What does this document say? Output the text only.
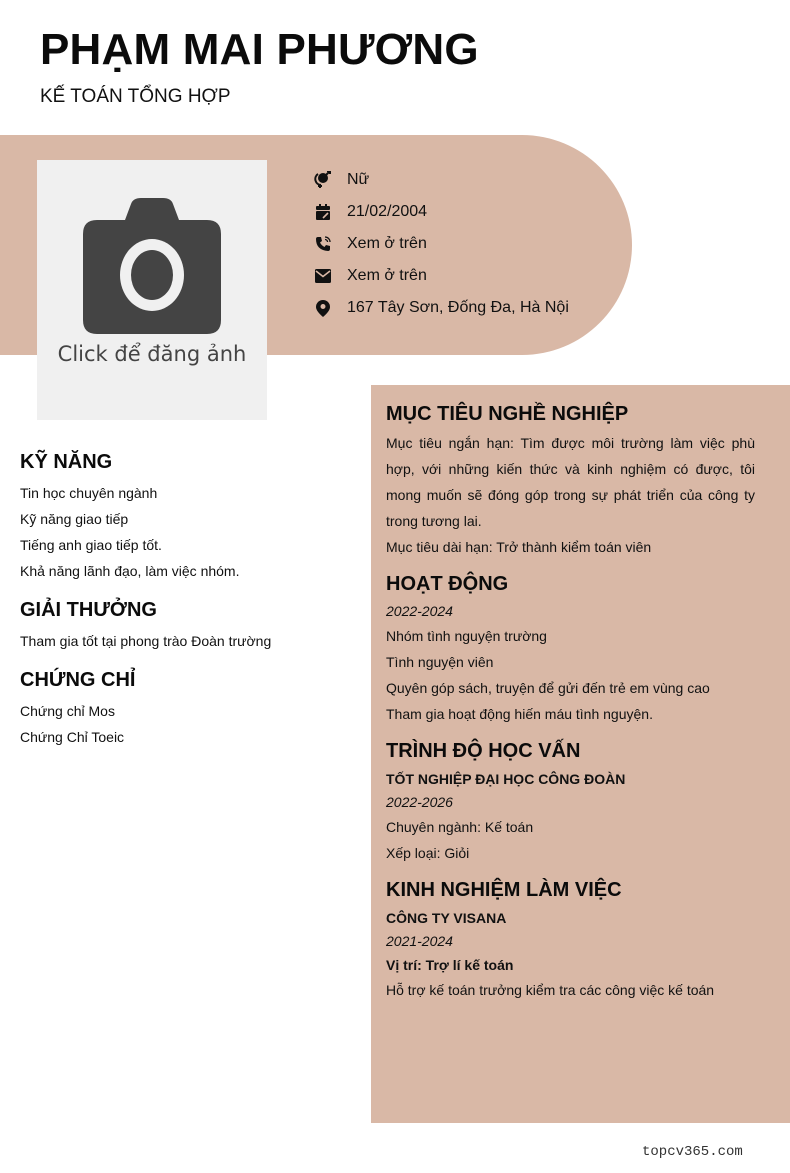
PHẠM MAI PHƯƠNG
KẾ TOÁN TỔNG HỢP
Click để đăng ảnh
Nữ
21/02/2004
Xem ở trên
Xem ở trên
167 Tây Sơn, Đống Đa, Hà Nội
KỸ NĂNG
Tin học chuyên ngành
Kỹ năng giao tiếp
Tiếng anh giao tiếp tốt.
Khả năng lãnh đạo, làm việc nhóm.
GIẢI THƯỞNG
Tham gia tốt tại phong trào Đoàn trường
CHỨNG CHỈ
Chứng chỉ Mos
Chứng Chỉ Toeic
MỤC TIÊU NGHỀ NGHIỆP
Mục tiêu ngắn hạn: Tìm được môi trường làm việc phù hợp, với những kiến thức và kinh nghiệm có được, tôi mong muốn sẽ đóng góp trong sự phát triển của công ty trong tương lai.
Mục tiêu dài hạn: Trở thành kiểm toán viên
HOẠT ĐỘNG
2022-2024
Nhóm tình nguyện trường
Tình nguyện viên
Quyên góp sách, truyện để gửi đến trẻ em vùng cao
Tham gia hoạt động hiến máu tình nguyện.
TRÌNH ĐỘ HỌC VẤN
TỐT NGHIỆP ĐẠI HỌC CÔNG ĐOÀN
2022-2026
Chuyên ngành: Kế toán
Xếp loại: Giỏi
KINH NGHIỆM LÀM VIỆC
CÔNG TY VISANA
2021-2024
Vị trí: Trợ lí kế toán
Hỗ trợ kế toán trưởng kiểm tra các công việc kế toán
topcv365.com
